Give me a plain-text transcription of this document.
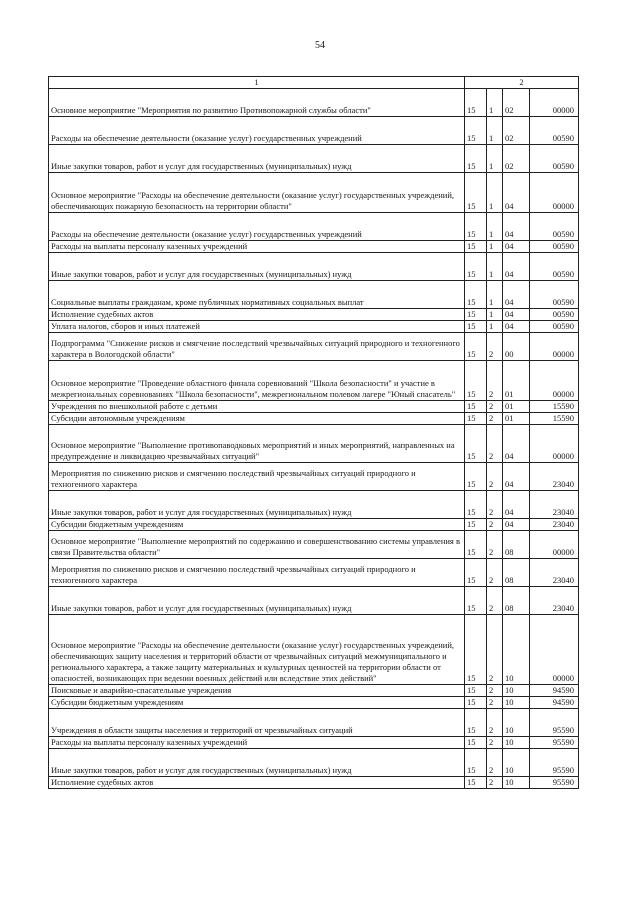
54
1	2			
Основное мероприятие "Мероприятия по развитию Противопожарной службы области"	15	1	02	00000
Расходы на обеспечение деятельности (оказание услуг) государственных учреждений	15	1	02	00590
Иные закупки товаров, работ и услуг для государственных (муниципальных) нужд	15	1	02	00590
Основное мероприятие "Расходы на обеспечение деятельности (оказание услуг) государственных учреждений, обеспечивающих пожарную безопасность на территории области"	15	1	04	00000
Расходы на обеспечение деятельности (оказание услуг) государственных учреждений	15	1	04	00590
Расходы на выплаты персоналу казенных учреждений	15	1	04	00590
Иные закупки товаров, работ и услуг для государственных (муниципальных) нужд	15	1	04	00590
Социальные выплаты гражданам, кроме публичных нормативных социальных выплат	15	1	04	00590
Исполнение судебных актов	15	1	04	00590
Уплата налогов, сборов и иных платежей	15	1	04	00590
Подпрограмма "Снижение рисков и смягчение последствий чрезвычайных ситуаций природного и техногенного характера в Вологодской области"	15	2	00	00000
Основное мероприятие "Проведение областного финала соревнований "Школа безопасности" и участие в межрегиональных соревнованиях "Школа безопасности", межрегиональном полевом лагере "Юный спасатель"	15	2	01	00000
Учреждения по внешкольной работе с детьми	15	2	01	15590
Субсидии автономным учреждениям	15	2	01	15590
Основное мероприятие "Выполнение противопаводковых мероприятий и иных мероприятий, направленных на предупреждение и ликвидацию чрезвычайных ситуаций"	15	2	04	00000
Мероприятия по снижению рисков и смягчению последствий чрезвычайных ситуаций природного и техногенного характера	15	2	04	23040
Иные закупки товаров, работ и услуг для государственных (муниципальных) нужд	15	2	04	23040
Субсидии бюджетным учреждениям	15	2	04	23040
Основное мероприятие "Выполнение мероприятий по содержанию и совершенствованию системы управления в связи Правительства области"	15	2	08	00000
Мероприятия по снижению рисков и смягчению последствий чрезвычайных ситуаций природного и техногенного характера	15	2	08	23040
Иные закупки товаров, работ и услуг для государственных (муниципальных) нужд	15	2	08	23040
Основное мероприятие "Расходы на обеспечение деятельности (оказание услуг) государственных учреждений, обеспечивающих защиту населения и территорий области от чрезвычайных ситуаций межмуниципального и регионального характера, а также защиту материальных и культурных ценностей на территории области от опасностей, возникающих при ведении военных действий или вследствие этих действий"	15	2	10	00000
Поисковые и аварийно-спасательные учреждения	15	2	10	94590
Субсидии бюджетным учреждениям	15	2	10	94590
Учреждения в области защиты населения и территорий от чрезвычайных ситуаций	15	2	10	95590
Расходы на выплаты персоналу казенных учреждений	15	2	10	95590
Иные закупки товаров, работ и услуг для государственных (муниципальных) нужд	15	2	10	95590
Исполнение судебных актов	15	2	10	95590
